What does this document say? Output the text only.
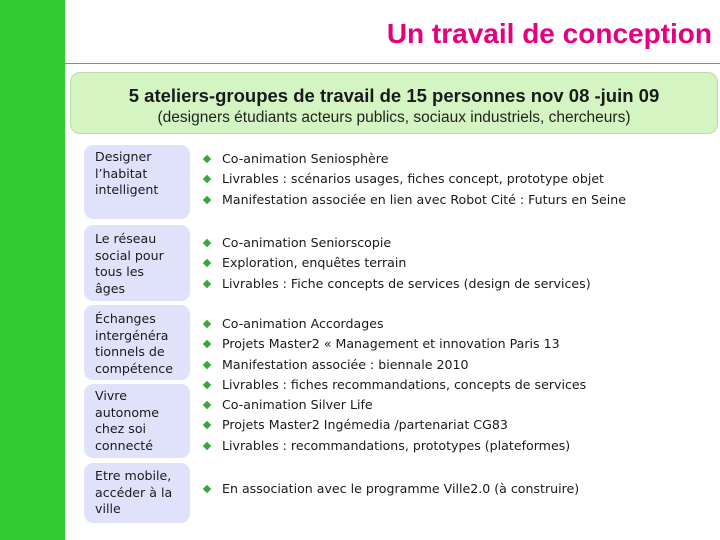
Un travail de conception
5 ateliers-groupes de travail de 15 personnes nov 08 -juin 09
(designers étudiants acteurs publics, sociaux industriels, chercheurs)
Designer
l’habitat
intelligent
Le réseau
social pour
tous les
âges
Échanges
intergénéra
tionnels de
compétence
Vivre
autonome
chez soi
connecté
Etre mobile,
accéder à la
ville
Co-animation Seniosphère
Livrables : scénarios usages, fiches concept, prototype objet
Manifestation associée en lien avec Robot Cité : Futurs en Seine
Co-animation Seniorscopie
Exploration, enquêtes terrain
Livrables : Fiche concepts de services (design de services)
Co-animation Accordages
Projets Master2 « Management et innovation Paris 13
Manifestation associée : biennale 2010
Livrables : fiches recommandations, concepts de services
Co-animation Silver Life
Projets Master2 Ingémedia /partenariat CG83
Livrables : recommandations, prototypes (plateformes)
En association avec le programme Ville2.0 (à construire)
